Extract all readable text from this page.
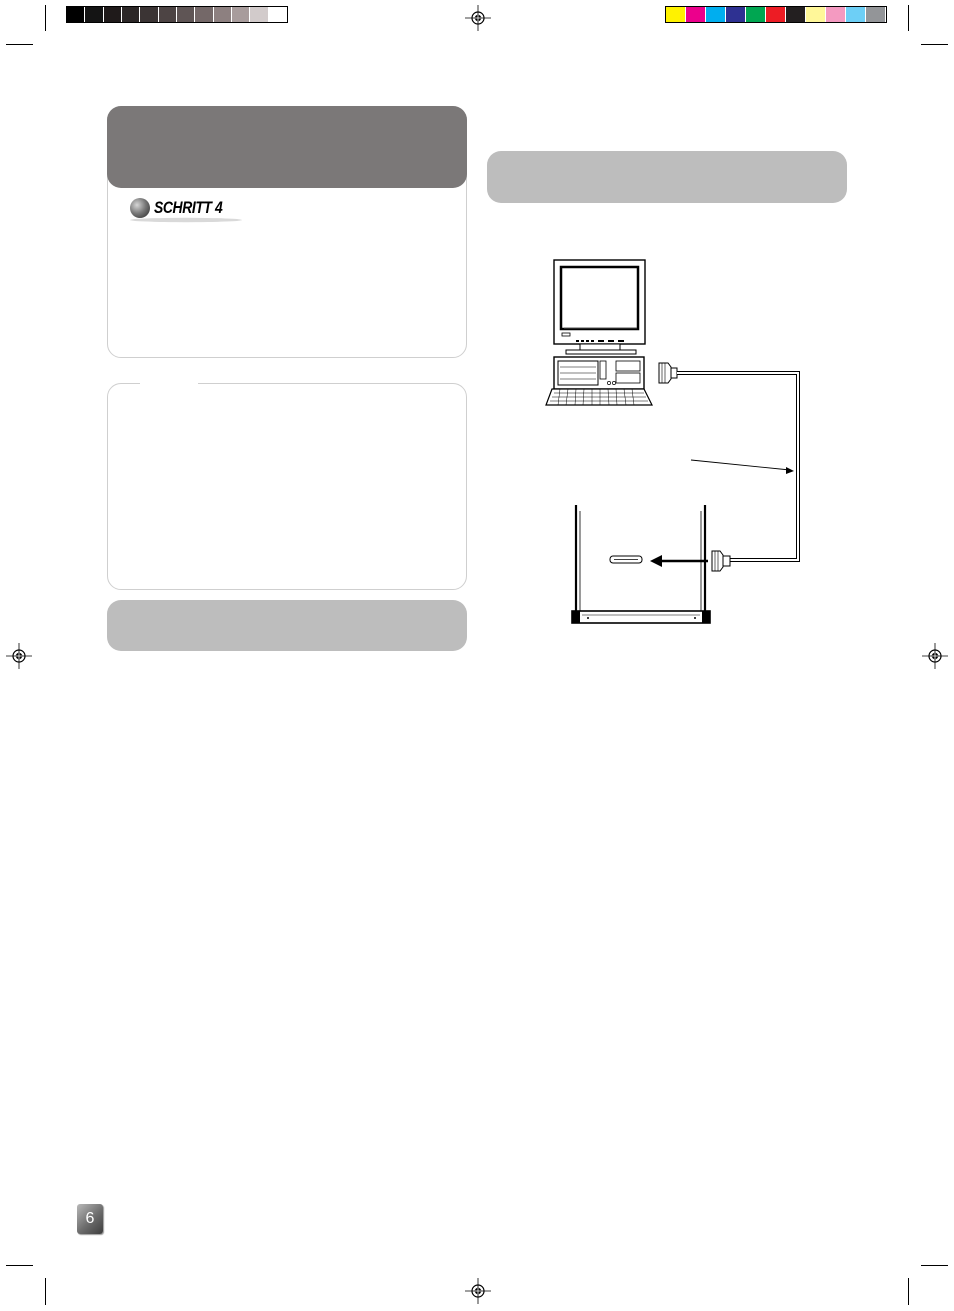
SCHRITT 4
6
